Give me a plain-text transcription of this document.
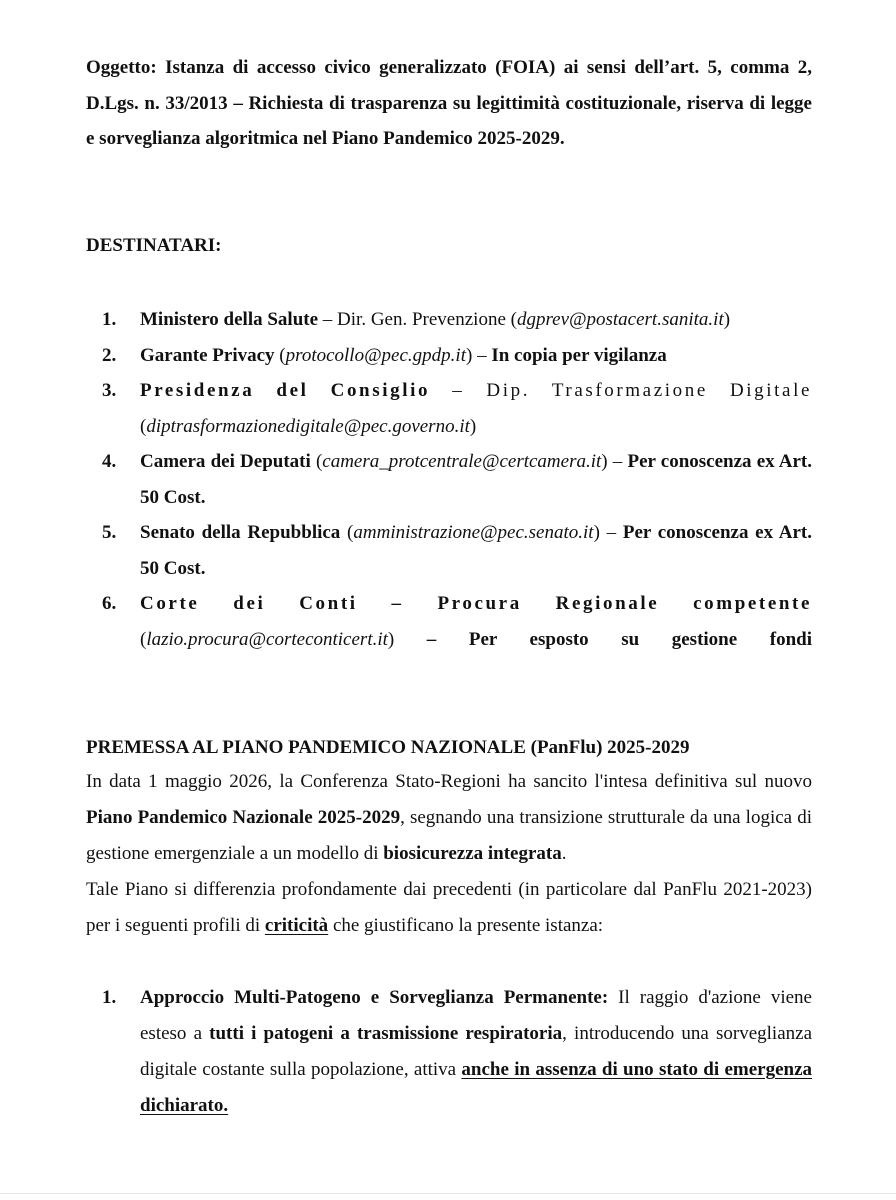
Oggetto: Istanza di accesso civico generalizzato (FOIA) ai sensi dell’art. 5, comma 2, D.Lgs. n. 33/2013 – Richiesta di trasparenza su legittimità costituzionale, riserva di legge e sorveglianza algoritmica nel Piano Pandemico 2025-2029.
DESTINATARI:
1. Ministero della Salute – Dir. Gen. Prevenzione (dgprev@postacert.sanita.it)
2. Garante Privacy (protocollo@pec.gpdp.it) – In copia per vigilanza
3. Presidenza del Consiglio – Dip. Trasformazione Digitale
(diptrasformazionedigitale@pec.governo.it)
4. Camera dei Deputati (camera_protcentrale@certcamera.it) – Per conoscenza ex Art. 50 Cost.
5. Senato della Repubblica (amministrazione@pec.senato.it) – Per conoscenza ex Art. 50 Cost.
6. Corte dei Conti – Procura Regionale competente
(lazio.procura@corteconticert.it) – Per esposto su gestione fondi
PREMESSA AL PIANO PANDEMICO NAZIONALE (PanFlu) 2025-2029
In data 1 maggio 2026, la Conferenza Stato-Regioni ha sancito l'intesa definitiva sul nuovo Piano Pandemico Nazionale 2025-2029, segnando una transizione strutturale da una logica di gestione emergenziale a un modello di biosicurezza integrata.
Tale Piano si differenzia profondamente dai precedenti (in particolare dal PanFlu 2021-2023) per i seguenti profili di criticità che giustificano la presente istanza:
1. Approccio Multi-Patogeno e Sorveglianza Permanente: Il raggio d'azione viene esteso a tutti i patogeni a trasmissione respiratoria, introducendo una sorveglianza digitale costante sulla popolazione, attiva anche in assenza di uno stato di emergenza dichiarato.
